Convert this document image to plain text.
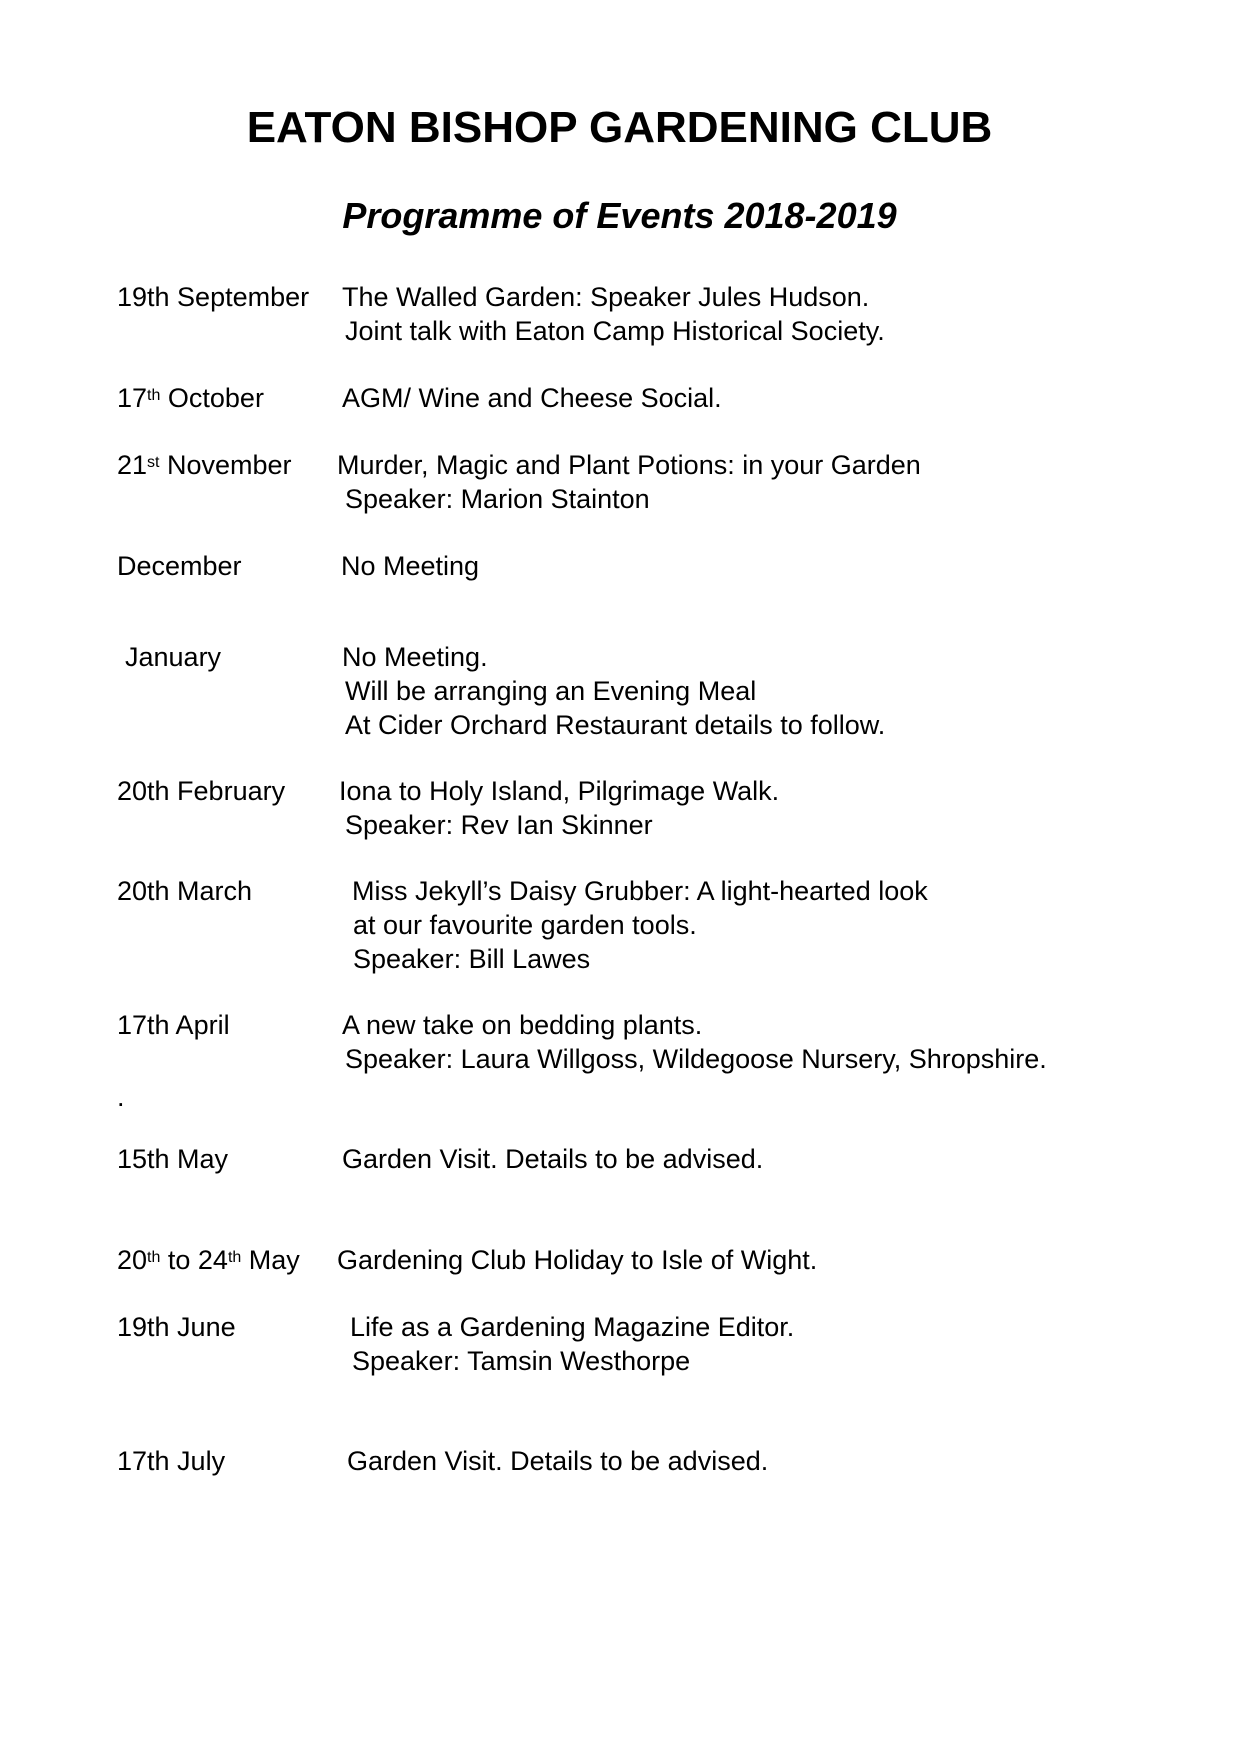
EATON BISHOP GARDENING CLUB
Programme of Events 2018-2019
19th September The Walled Garden: Speaker Jules Hudson.
Joint talk with Eaton Camp Historical Society.
17th October	AGM/ Wine and Cheese Social.
21st November Murder, Magic and Plant Potions: in your Garden
Speaker: Marion Stainton
December	No Meeting
January	No Meeting.
Will be arranging an Evening Meal
At Cider Orchard Restaurant details to follow.
20th February Iona to Holy Island, Pilgrimage Walk.
Speaker: Rev Ian Skinner
20th March	Miss Jekyll’s Daisy Grubber: A light-hearted look
at our favourite garden tools.
Speaker: Bill Lawes
17th April	A new take on bedding plants.
Speaker: Laura Willgoss, Wildegoose Nursery, Shropshire.
.
15th May	Garden Visit. Details to be advised.
20th to 24th May Gardening Club Holiday to Isle of Wight.
19th June	Life as a Gardening Magazine Editor.
Speaker: Tamsin Westhorpe
17th July	Garden Visit. Details to be advised.
